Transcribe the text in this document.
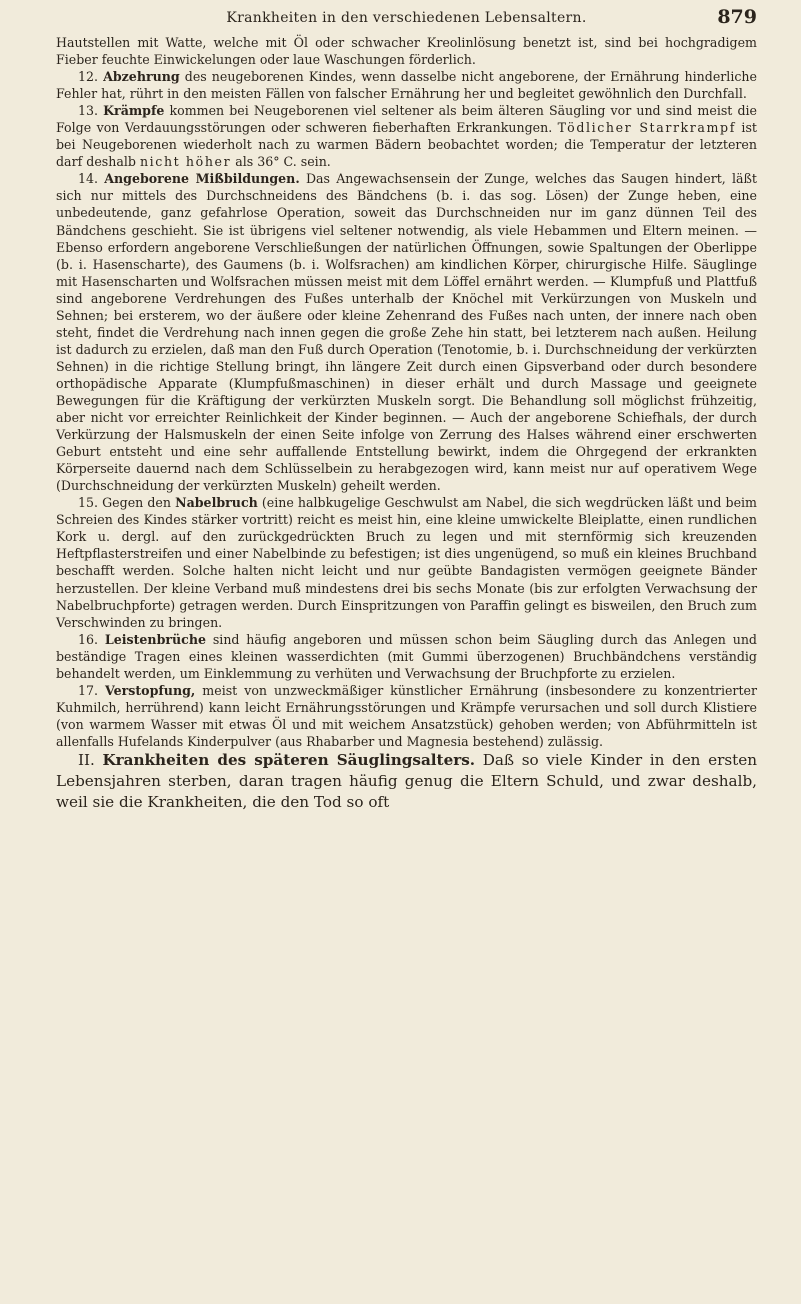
Krankheiten in den verschiedenen Lebensaltern.	879

Hautstellen mit Watte, welche mit Öl oder schwacher Kreolinlösung benetzt ist, sind bei hochgradigem Fieber feuchte Einwickelungen oder laue Waschungen förderlich.

12. Abzehrung des neugeborenen Kindes, wenn dasselbe nicht angeborene, der Ernährung hinderliche Fehler hat, rührt in den meisten Fällen von falscher Ernährung her und begleitet gewöhnlich den Durchfall.

13. Krämpfe kommen bei Neugeborenen viel seltener als beim älteren Säugling vor und sind meist die Folge von Verdauungsstörungen oder schweren fieberhaften Erkrankungen. Tödlicher Starrkrampf ist bei Neugeborenen wiederholt nach zu warmen Bädern beobachtet worden; die Temperatur der letzteren darf deshalb nicht höher als 36° C. sein.

14. Angeborene Mißbildungen. Das Angewachsensein der Zunge, welches das Saugen hindert, läßt sich nur mittels des Durchschneidens des Bändchens (b. i. das sog. Lösen) der Zunge heben, eine unbedeutende, ganz gefahrlose Operation, soweit das Durchschneiden nur im ganz dünnen Teil des Bändchens geschieht. Sie ist übrigens viel seltener notwendig, als viele Hebammen und Eltern meinen. — Ebenso erfordern angeborene Verschließungen der natürlichen Öffnungen, sowie Spaltungen der Oberlippe (b. i. Hasenscharte), des Gaumens (b. i. Wolfsrachen) am kindlichen Körper, chirurgische Hilfe. Säuglinge mit Hasenscharten und Wolfsrachen müssen meist mit dem Löffel ernährt werden. — Klumpfuß und Plattfuß sind angeborene Verdrehungen des Fußes unterhalb der Knöchel mit Verkürzungen von Muskeln und Sehnen; bei ersterem, wo der äußere oder kleine Zehenrand des Fußes nach unten, der innere nach oben steht, findet die Verdrehung nach innen gegen die große Zehe hin statt, bei letzterem nach außen. Heilung ist dadurch zu erzielen, daß man den Fuß durch Operation (Tenotomie, b. i. Durchschneidung der verkürzten Sehnen) in die richtige Stellung bringt, ihn längere Zeit durch einen Gipsverband oder durch besondere orthopädische Apparate (Klumpfußmaschinen) in dieser erhält und durch Massage und geeignete Bewegungen für die Kräftigung der verkürzten Muskeln sorgt. Die Behandlung soll möglichst frühzeitig, aber nicht vor erreichter Reinlichkeit der Kinder beginnen. — Auch der angeborene Schiefhals, der durch Verkürzung der Halsmuskeln der einen Seite infolge von Zerrung des Halses während einer erschwerten Geburt entsteht und eine sehr auffallende Entstellung bewirkt, indem die Ohrgegend der erkrankten Körperseite dauernd nach dem Schlüsselbein zu herabgezogen wird, kann meist nur auf operativem Wege (Durchschneidung der verkürzten Muskeln) geheilt werden.

15. Gegen den Nabelbruch (eine halbkugelige Geschwulst am Nabel, die sich wegdrücken läßt und beim Schreien des Kindes stärker vortritt) reicht es meist hin, eine kleine umwickelte Bleiplatte, einen rundlichen Kork u. dergl. auf den zurückgedrückten Bruch zu legen und mit sternförmig sich kreuzenden Heftpflasterstreifen und einer Nabelbinde zu befestigen; ist dies ungenügend, so muß ein kleines Bruchband beschafft werden. Solche halten nicht leicht und nur geübte Bandagisten vermögen geeignete Bänder herzustellen. Der kleine Verband muß mindestens drei bis sechs Monate (bis zur erfolgten Verwachsung der Nabelbruchpforte) getragen werden. Durch Einspritzungen von Paraffin gelingt es bisweilen, den Bruch zum Verschwinden zu bringen.

16. Leistenbrüche sind häufig angeboren und müssen schon beim Säugling durch das Anlegen und beständige Tragen eines kleinen wasserdichten (mit Gummi überzogenen) Bruchbändchens verständig behandelt werden, um Einklemmung zu verhüten und Verwachsung der Bruchpforte zu erzielen.

17. Verstopfung, meist von unzweckmäßiger künstlicher Ernährung (insbesondere zu konzentrierter Kuhmilch, herrührend) kann leicht Ernährungsstörungen und Krämpfe verursachen und soll durch Klistiere (von warmem Wasser mit etwas Öl und mit weichem Ansatzstück) gehoben werden; von Abführmitteln ist allenfalls Hufelands Kinderpulver (aus Rhabarber und Magnesia bestehend) zulässig.

II. Krankheiten des späteren Säuglingsalters. Daß so viele Kinder in den ersten Lebensjahren sterben, daran tragen häufig genug die Eltern Schuld, und zwar deshalb, weil sie die Krankheiten, die den Tod so oft
